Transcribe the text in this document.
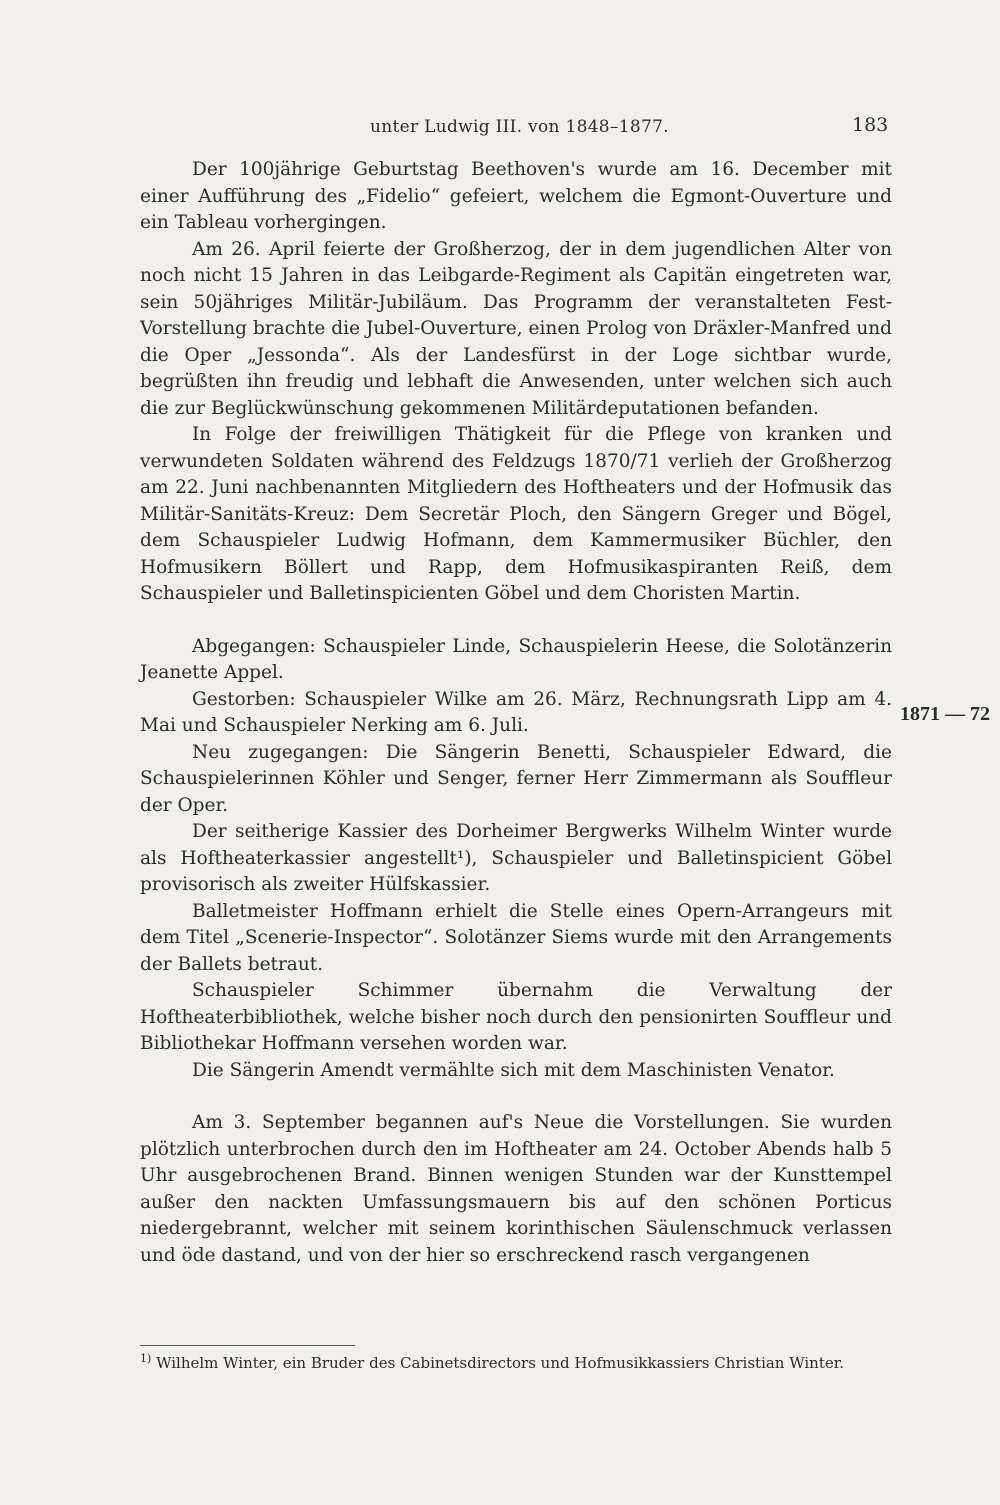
unter Ludwig III. von 1848–1877.	183

Der 100jährige Geburtstag Beethoven's wurde am 16. December mit einer Aufführung des „Fidelio“ gefeiert, welchem die Egmont-Ouverture und ein Tableau vorhergingen.

Am 26. April feierte der Großherzog, der in dem jugendlichen Alter von noch nicht 15 Jahren in das Leibgarde-Regiment als Capitän eingetreten war, sein 50jähriges Militär-Jubiläum. Das Programm der veranstalteten Fest-Vorstellung brachte die Jubel-Ouverture, einen Prolog von Dräxler-Manfred und die Oper „Jessonda“. Als der Landesfürst in der Loge sichtbar wurde, begrüßten ihn freudig und lebhaft die Anwesenden, unter welchen sich auch die zur Beglückwünschung gekommenen Militärdeputationen befanden.

In Folge der freiwilligen Thätigkeit für die Pflege von kranken und verwundeten Soldaten während des Feldzugs 1870/71 verlieh der Großherzog am 22. Juni nachbenannten Mitgliedern des Hoftheaters und der Hofmusik das Militär-Sanitäts-Kreuz: Dem Secretär Ploch, den Sängern Greger und Bögel, dem Schauspieler Ludwig Hofmann, dem Kammermusiker Büchler, den Hofmusikern Böllert und Rapp, dem Hofmusikaspiranten Reiß, dem Schauspieler und Balletinspicienten Göbel und dem Choristen Martin.

Abgegangen: Schauspieler Linde, Schauspielerin Heese, die Solotänzerin Jeanette Appel.

Gestorben: Schauspieler Wilke am 26. März, Rechnungsrath Lipp am 4. Mai und Schauspieler Nerking am 6. Juli.

Neu zugegangen: Die Sängerin Benetti, Schauspieler Edward, die Schauspielerinnen Köhler und Senger, ferner Herr Zimmermann als Souffleur der Oper.

Der seitherige Kassier des Dorheimer Bergwerks Wilhelm Winter wurde als Hoftheaterkassier angestellt¹), Schauspieler und Balletinspicient Göbel provisorisch als zweiter Hülfskassier.

Balletmeister Hoffmann erhielt die Stelle eines Opern-Arrangeurs mit dem Titel „Scenerie-Inspector“. Solotänzer Siems wurde mit den Arrangements der Ballets betraut.

Schauspieler Schimmer übernahm die Verwaltung der Hoftheaterbibliothek, welche bisher noch durch den pensionirten Souffleur und Bibliothekar Hoffmann versehen worden war.

Die Sängerin Amendt vermählte sich mit dem Maschinisten Venator.

Am 3. September begannen auf's Neue die Vorstellungen. Sie wurden plötzlich unterbrochen durch den im Hoftheater am 24. October Abends halb 5 Uhr ausgebrochenen Brand. Binnen wenigen Stunden war der Kunsttempel außer den nackten Umfassungsmauern bis auf den schönen Porticus niedergebrannt, welcher mit seinem korinthischen Säulenschmuck verlassen und öde dastand, und von der hier so erschreckend rasch vergangenen

1871 — 72
$^{1)}$ Wilhelm Winter, ein Bruder des Cabinetsdirectors und Hofmusikkassiers Christian Winter.
